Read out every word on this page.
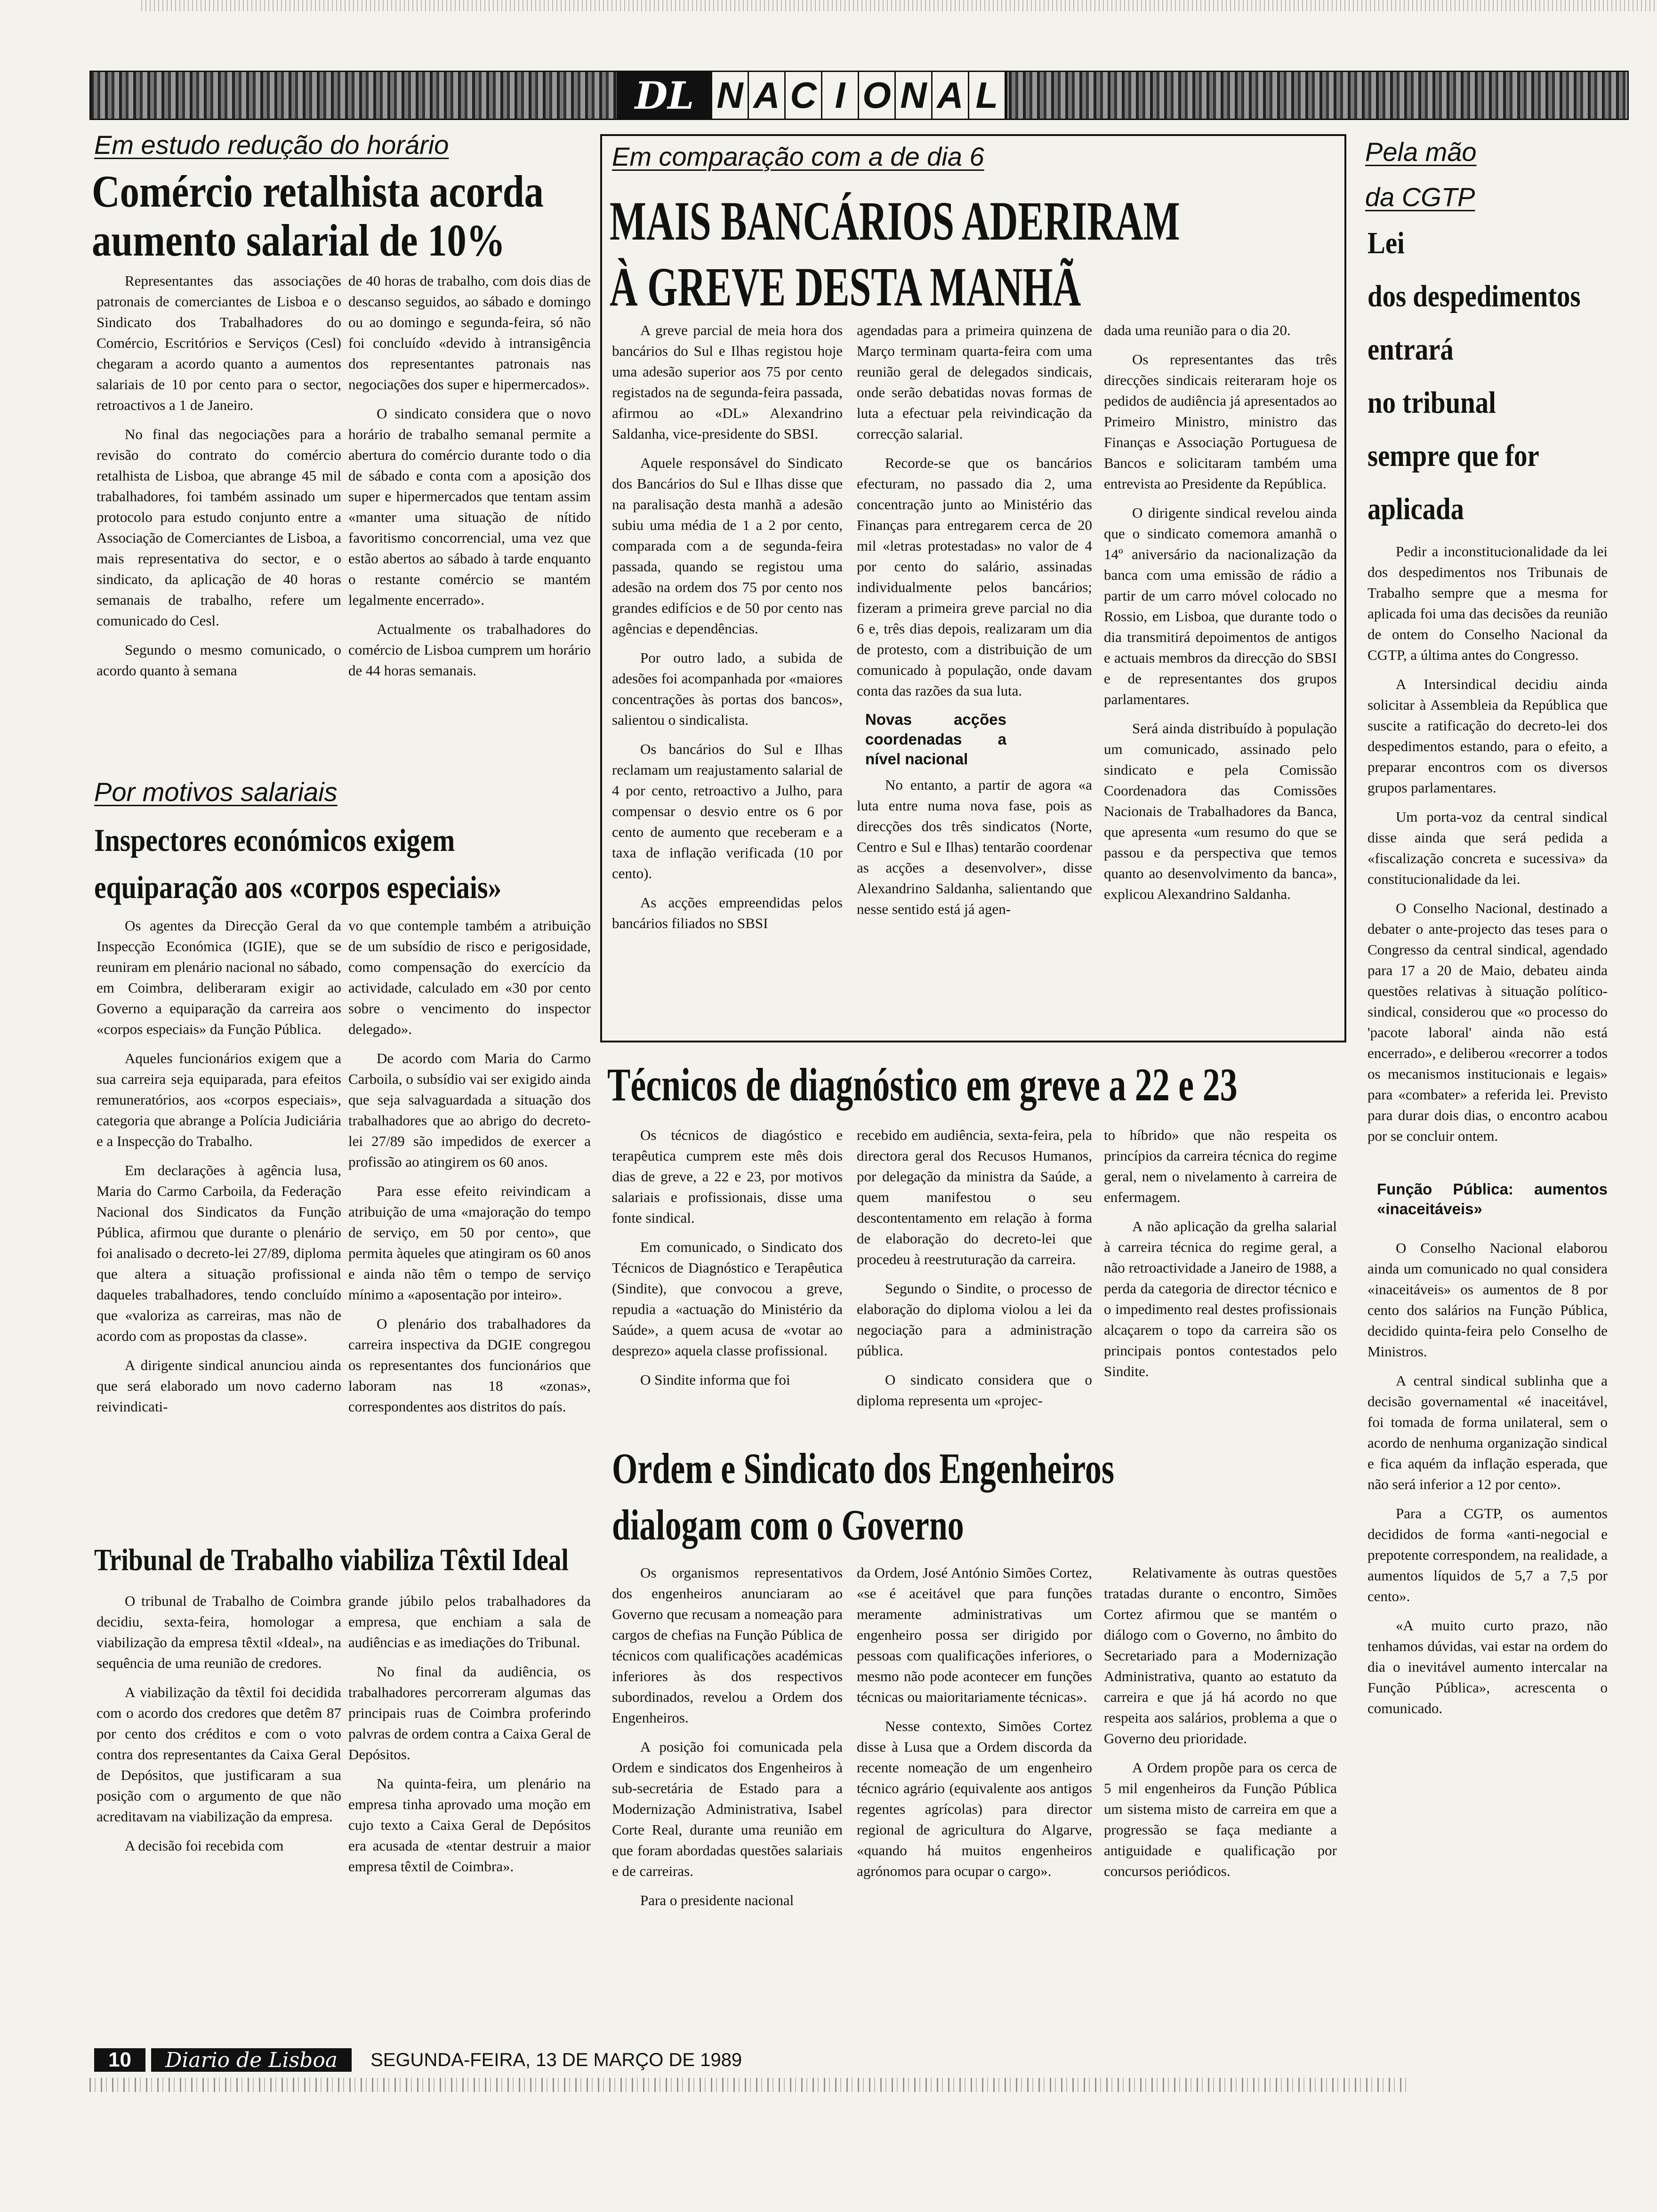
DL N A C I O N A L
Em estudo redução do horário
Comércio retalhista acorda
aumento salarial de 10%

Representantes das associações patronais de comerciantes de Lisboa e o Sindicato dos Trabalhadores do Comércio, Escritórios e Serviços (Cesl) chegaram a acordo quanto a aumentos salariais de 10 por cento para o sector, retroactivos a 1 de Janeiro.

No final das negociações para a revisão do contrato do comércio retalhista de Lisboa, que abrange 45 mil trabalhadores, foi também assinado um protocolo para estudo conjunto entre a Associação de Comerciantes de Lisboa, a mais representativa do sector, e o sindicato, da aplicação de 40 horas semanais de trabalho, refere um comunicado do Cesl.

Segundo o mesmo comunicado, o acordo quanto à semana

de 40 horas de trabalho, com dois dias de descanso seguidos, ao sábado e domingo ou ao domingo e segunda-feira, só não foi concluído «devido à intransigência dos representantes patronais nas negociações dos super e hipermercados».

O sindicato considera que o novo horário de trabalho semanal permite a abertura do comércio durante todo o dia de sábado e conta com a aposição dos super e hipermercados que tentam assim «manter uma situação de nítido favoritismo concorrencial, uma vez que estão abertos ao sábado à tarde enquanto o restante comércio se mantém legalmente encerrado».

Actualmente os trabalhadores do comércio de Lisboa cumprem um horário de 44 horas semanais.

Por motivos salariais
Inspectores económicos exigem
equiparação aos «corpos especiais»

Os agentes da Direcção Geral da Inspecção Económica (IGIE), que se reuniram em plenário nacional no sábado, em Coimbra, deliberaram exigir ao Governo a equiparação da carreira aos «corpos especiais» da Função Pública.

Aqueles funcionários exigem que a sua carreira seja equiparada, para efeitos remuneratórios, aos «corpos especiais», categoria que abrange a Polícia Judiciária e a Inspecção do Trabalho.

Em declarações à agência lusa, Maria do Carmo Carboila, da Federação Nacional dos Sindicatos da Função Pública, afirmou que durante o plenário foi analisado o decreto-lei 27/89, diploma que altera a situação profissional daqueles trabalhadores, tendo concluído que «valoriza as carreiras, mas não de acordo com as propostas da classe».

A dirigente sindical anunciou ainda que será elaborado um novo caderno reivindicati-

vo que contemple também a atribuição de um subsídio de risco e perigosidade, como compensação do exercício da actividade, calculado em «30 por cento sobre o vencimento do inspector delegado».

De acordo com Maria do Carmo Carboila, o subsídio vai ser exigido ainda que seja salvaguardada a situação dos trabalhadores que ao abrigo do decreto-lei 27/89 são impedidos de exercer a profissão ao atingirem os 60 anos.

Para esse efeito reivindicam a atribuição de uma «majoração do tempo de serviço, em 50 por cento», que permita àqueles que atingiram os 60 anos e ainda não têm o tempo de serviço mínimo a «aposentação por inteiro».

O plenário dos trabalhadores da carreira inspectiva da DGIE congregou os representantes dos funcionários que laboram nas 18 «zonas», correspondentes aos distritos do país.

Tribunal de Trabalho viabiliza Têxtil Ideal

O tribunal de Trabalho de Coimbra decidiu, sexta-feira, homologar a viabilização da empresa têxtil «Ideal», na sequência de uma reunião de credores.

A viabilização da têxtil foi decidida com o acordo dos credores que detêm 87 por cento dos créditos e com o voto contra dos representantes da Caixa Geral de Depósitos, que justificaram a sua posição com o argumento de que não acreditavam na viabilização da empresa.

A decisão foi recebida com

grande júbilo pelos trabalhadores da empresa, que enchiam a sala de audiências e as imediações do Tribunal.

No final da audiência, os trabalhadores percorreram algumas das principais ruas de Coimbra proferindo palvras de ordem contra a Caixa Geral de Depósitos.

Na quinta-feira, um plenário na empresa tinha aprovado uma moção em cujo texto a Caixa Geral de Depósitos era acusada de «tentar destruir a maior empresa têxtil de Coimbra».

Em comparação com a de dia 6
MAIS BANCÁRIOS ADERIRAM
À GREVE DESTA MANHÃ

A greve parcial de meia hora dos bancários do Sul e Ilhas registou hoje uma adesão superior aos 75 por cento registados na de segunda-feira passada, afirmou ao «DL» Alexandrino Saldanha, vice-presidente do SBSI.

Aquele responsável do Sindicato dos Bancários do Sul e Ilhas disse que na paralisação desta manhã a adesão subiu uma média de 1 a 2 por cento, comparada com a de segunda-feira passada, quando se registou uma adesão na ordem dos 75 por cento nos grandes edifícios e de 50 por cento nas agências e dependências.

Por outro lado, a subida de adesões foi acompanhada por «maiores concentrações às portas dos bancos», salientou o sindicalista.

Os bancários do Sul e Ilhas reclamam um reajustamento salarial de 4 por cento, retroactivo a Julho, para compensar o desvio entre os 6 por cento de aumento que receberam e a taxa de inflação verificada (10 por cento).

As acções empreendidas pelos bancários filiados no SBSI

agendadas para a primeira quinzena de Março terminam quarta-feira com uma reunião geral de delegados sindicais, onde serão debatidas novas formas de luta a efectuar pela reivindicação da correcção salarial.

Recorde-se que os bancários efecturam, no passado dia 2, uma concentração junto ao Ministério das Finanças para entregarem cerca de 20 mil «letras protestadas» no valor de 4 por cento do salário, assinadas individualmente pelos bancários; fizeram a primeira greve parcial no dia 6 e, três dias depois, realizaram um dia de protesto, com a distribuição de um comunicado à população, onde davam conta das razões da sua luta.

Novas acções coordenadas a nível nacional

No entanto, a partir de agora «a luta entre numa nova fase, pois as direcções dos três sindicatos (Norte, Centro e Sul e Ilhas) tentarão coordenar as acções a desenvolver», disse Alexandrino Saldanha, salientando que nesse sentido está já agen-

dada uma reunião para o dia 20.

Os representantes das três direcções sindicais reiteraram hoje os pedidos de audiência já apresentados ao Primeiro Ministro, ministro das Finanças e Associação Portuguesa de Bancos e solicitaram também uma entrevista ao Presidente da República.

O dirigente sindical revelou ainda que o sindicato comemora amanhã o 14º aniversário da nacionalização da banca com uma emissão de rádio a partir de um carro móvel colocado no Rossio, em Lisboa, que durante todo o dia transmitirá depoimentos de antigos e actuais membros da direcção do SBSI e de representantes dos grupos parlamentares.

Será ainda distribuído à população um comunicado, assinado pelo sindicato e pela Comissão Coordenadora das Comissões Nacionais de Trabalhadores da Banca, que apresenta «um resumo do que se passou e da perspectiva que temos quanto ao desenvolvimento da banca», explicou Alexandrino Saldanha.

Técnicos de diagnóstico em greve a 22 e 23

Os técnicos de diagóstico e terapêutica cumprem este mês dois dias de greve, a 22 e 23, por motivos salariais e profissionais, disse uma fonte sindical.

Em comunicado, o Sindicato dos Técnicos de Diagnóstico e Terapêutica (Sindite), que convocou a greve, repudia a «actuação do Ministério da Saúde», a quem acusa de «votar ao desprezo» aquela classe profissional.

O Sindite informa que foi

recebido em audiência, sexta-feira, pela directora geral dos Recusos Humanos, por delegação da ministra da Saúde, a quem manifestou o seu descontentamento em relação à forma de elaboração do decreto-lei que procedeu à reestruturação da carreira.

Segundo o Sindite, o processo de elaboração do diploma violou a lei da negociação para a administração pública.

O sindicato considera que o diploma representa um «projec-

to híbrido» que não respeita os princípios da carreira técnica do regime geral, nem o nivelamento à carreira de enfermagem.

A não aplicação da grelha salarial à carreira técnica do regime geral, a não retroactividade a Janeiro de 1988, a perda da categoria de director técnico e o impedimento real destes profissionais alcaçarem o topo da carreira são os principais pontos contestados pelo Sindite.

Ordem e Sindicato dos Engenheiros
dialogam com o Governo

Os organismos representativos dos engenheiros anunciaram ao Governo que recusam a nomeação para cargos de chefias na Função Pública de técnicos com qualificações académicas inferiores às dos respectivos subordinados, revelou a Ordem dos Engenheiros.

A posição foi comunicada pela Ordem e sindicatos dos Engenheiros à sub-secretária de Estado para a Modernização Administrativa, Isabel Corte Real, durante uma reunião em que foram abordadas questões salariais e de carreiras.

Para o presidente nacional

da Ordem, José António Simões Cortez, «se é aceitável que para funções meramente administrativas um engenheiro possa ser dirigido por pessoas com qualificações inferiores, o mesmo não pode acontecer em funções técnicas ou maioritariamente técnicas».

Nesse contexto, Simões Cortez disse à Lusa que a Ordem discorda da recente nomeação de um engenheiro técnico agrário (equivalente aos antigos regentes agrícolas) para director regional de agricultura do Algarve, «quando há muitos engenheiros agrónomos para ocupar o cargo».

Relativamente às outras questões tratadas durante o encontro, Simões Cortez afirmou que se mantém o diálogo com o Governo, no âmbito do Secretariado para a Modernização Administrativa, quanto ao estatuto da carreira e que já há acordo no que respeita aos salários, problema a que o Governo deu prioridade.

A Ordem propõe para os cerca de 5 mil engenheiros da Função Pública um sistema misto de carreira em que a progressão se faça mediante a antiguidade e qualificação por concursos periódicos.

Pela mão
da CGTP
Lei
dos despedimentos
entrará
no tribunal
sempre que for
aplicada

Pedir a inconstitucionalidade da lei dos despedimentos nos Tribunais de Trabalho sempre que a mesma for aplicada foi uma das decisões da reunião de ontem do Conselho Nacional da CGTP, a última antes do Congresso.

A Intersindical decidiu ainda solicitar à Assembleia da República que suscite a ratificação do decreto-lei dos despedimentos estando, para o efeito, a preparar encontros com os diversos grupos parlamentares.

Um porta-voz da central sindical disse ainda que será pedida a «fiscalização concreta e sucessiva» da constitucionalidade da lei.

O Conselho Nacional, destinado a debater o ante-projecto das teses para o Congresso da central sindical, agendado para 17 a 20 de Maio, debateu ainda questões relativas à situação político-sindical, considerou que «o processo do 'pacote laboral' ainda não está encerrado», e deliberou «recorrer a todos os mecanismos institucionais e legais» para «combater» a referida lei. Previsto para durar dois dias, o encontro acabou por se concluir ontem.

Função Pública: aumentos «inaceitáveis»

O Conselho Nacional elaborou ainda um comunicado no qual considera «inaceitáveis» os aumentos de 8 por cento dos salários na Função Pública, decidido quinta-feira pelo Conselho de Ministros.

A central sindical sublinha que a decisão governamental «é inaceitável, foi tomada de forma unilateral, sem o acordo de nenhuma organização sindical e fica aquém da inflação esperada, que não será inferior a 12 por cento».

Para a CGTP, os aumentos decididos de forma «anti-negocial e prepotente correspondem, na realidade, a aumentos líquidos de 5,7 a 7,5 por cento».

«A muito curto prazo, não tenhamos dúvidas, vai estar na ordem do dia o inevitável aumento intercalar na Função Pública», acrescenta o comunicado.

10	Diario de Lisboa	SEGUNDA-FEIRA, 13 DE MARÇO DE 1989
